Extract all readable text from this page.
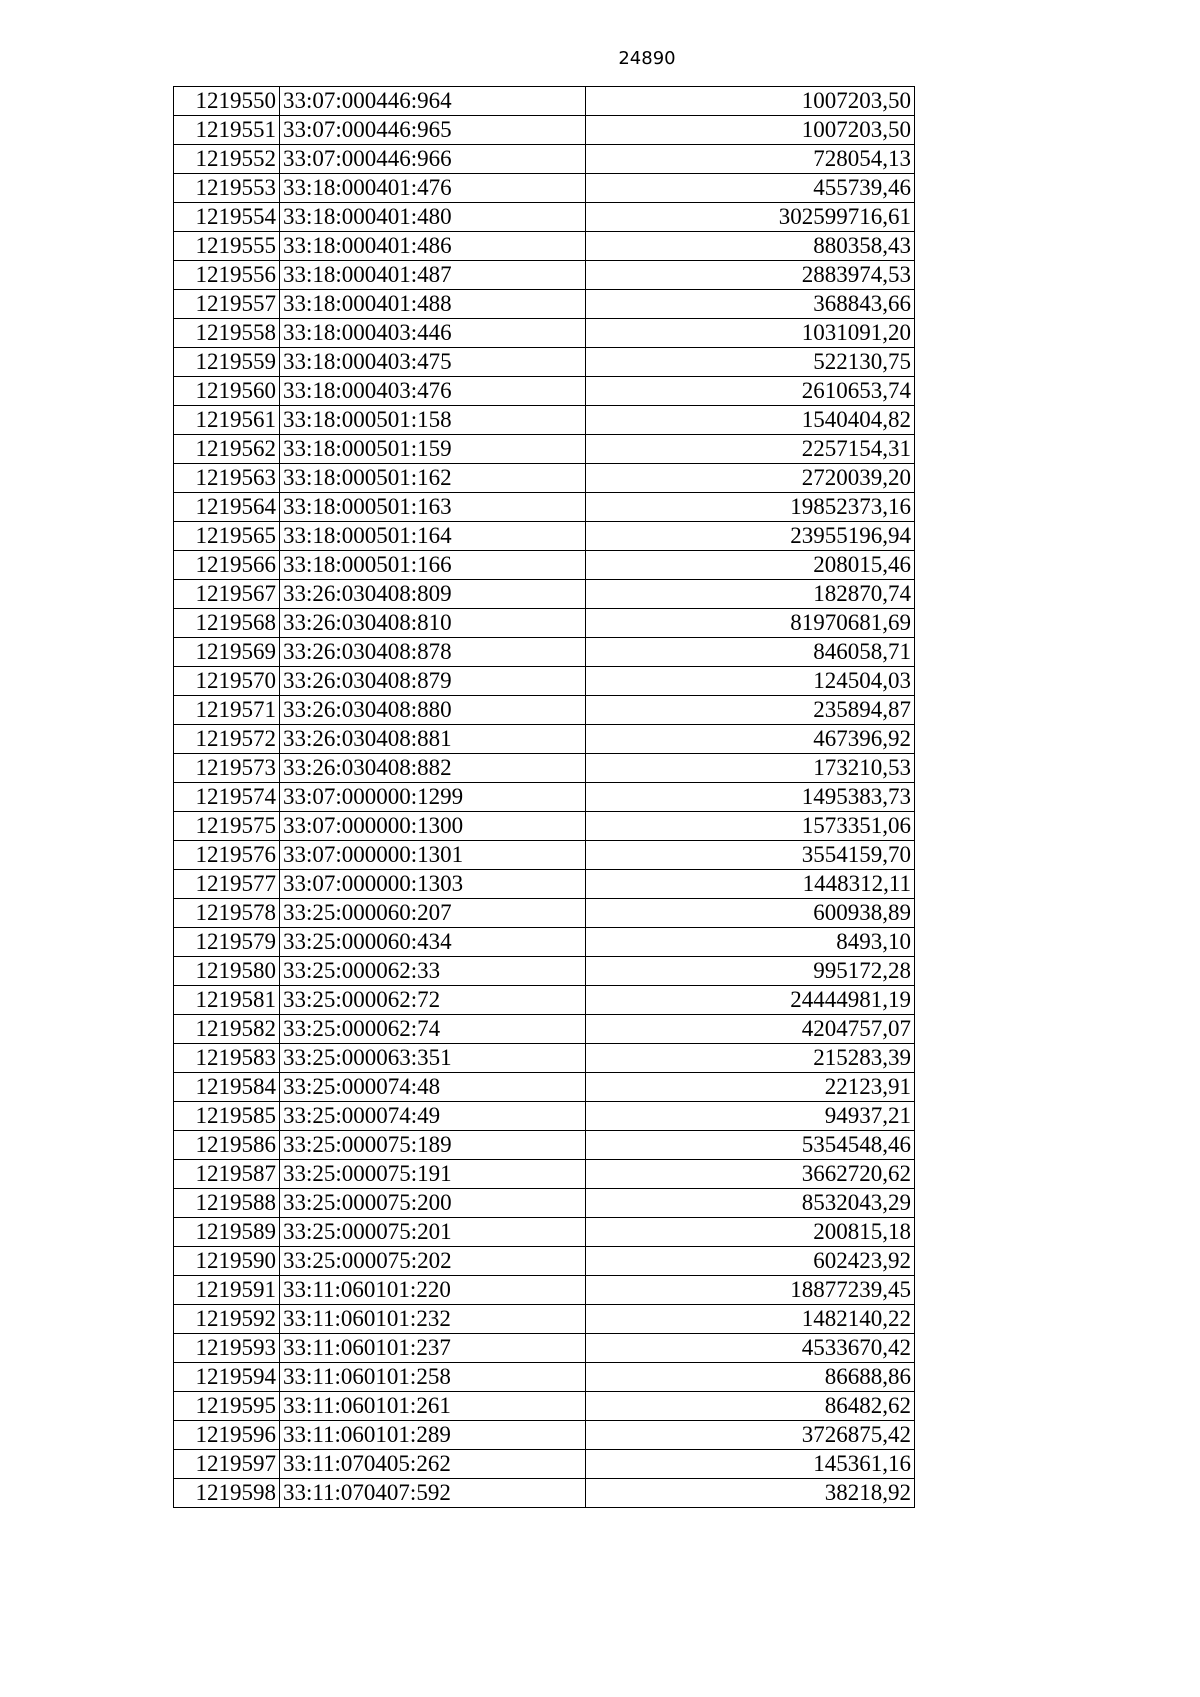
24890
1219550	33:07:000446:964	1007203,50
1219551	33:07:000446:965	1007203,50
1219552	33:07:000446:966	728054,13
1219553	33:18:000401:476	455739,46
1219554	33:18:000401:480	302599716,61
1219555	33:18:000401:486	880358,43
1219556	33:18:000401:487	2883974,53
1219557	33:18:000401:488	368843,66
1219558	33:18:000403:446	1031091,20
1219559	33:18:000403:475	522130,75
1219560	33:18:000403:476	2610653,74
1219561	33:18:000501:158	1540404,82
1219562	33:18:000501:159	2257154,31
1219563	33:18:000501:162	2720039,20
1219564	33:18:000501:163	19852373,16
1219565	33:18:000501:164	23955196,94
1219566	33:18:000501:166	208015,46
1219567	33:26:030408:809	182870,74
1219568	33:26:030408:810	81970681,69
1219569	33:26:030408:878	846058,71
1219570	33:26:030408:879	124504,03
1219571	33:26:030408:880	235894,87
1219572	33:26:030408:881	467396,92
1219573	33:26:030408:882	173210,53
1219574	33:07:000000:1299	1495383,73
1219575	33:07:000000:1300	1573351,06
1219576	33:07:000000:1301	3554159,70
1219577	33:07:000000:1303	1448312,11
1219578	33:25:000060:207	600938,89
1219579	33:25:000060:434	8493,10
1219580	33:25:000062:33	995172,28
1219581	33:25:000062:72	24444981,19
1219582	33:25:000062:74	4204757,07
1219583	33:25:000063:351	215283,39
1219584	33:25:000074:48	22123,91
1219585	33:25:000074:49	94937,21
1219586	33:25:000075:189	5354548,46
1219587	33:25:000075:191	3662720,62
1219588	33:25:000075:200	8532043,29
1219589	33:25:000075:201	200815,18
1219590	33:25:000075:202	602423,92
1219591	33:11:060101:220	18877239,45
1219592	33:11:060101:232	1482140,22
1219593	33:11:060101:237	4533670,42
1219594	33:11:060101:258	86688,86
1219595	33:11:060101:261	86482,62
1219596	33:11:060101:289	3726875,42
1219597	33:11:070405:262	145361,16
1219598	33:11:070407:592	38218,92
